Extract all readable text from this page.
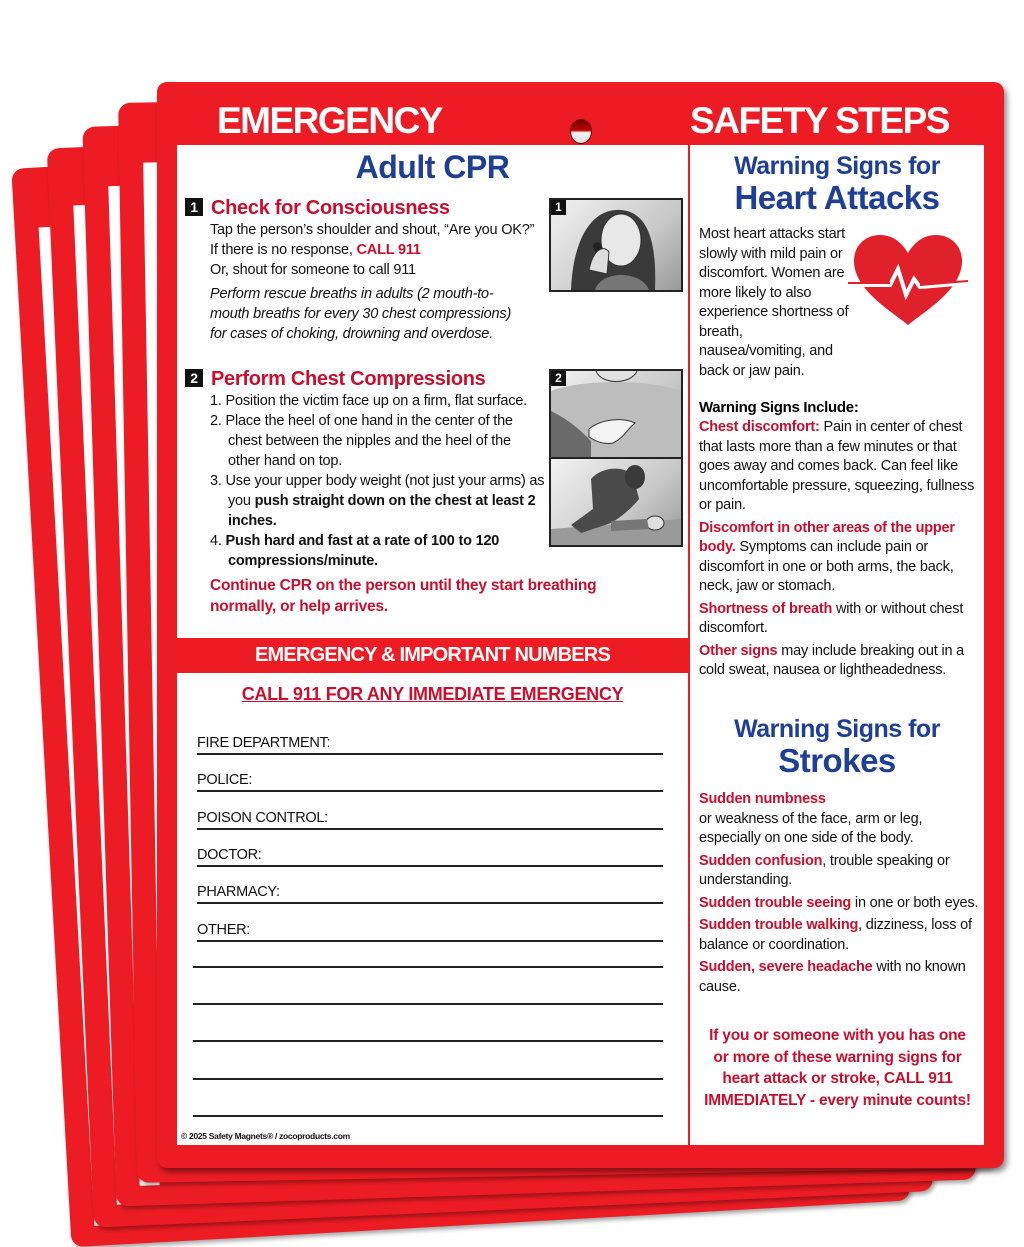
EMERGENCY	SAFETY STEPS
Adult CPR
1 Check for Consciousness
Tap the person’s shoulder and shout, “Are you OK?”
If there is no response, CALL 911
Or, shout for someone to call 911
Perform rescue breaths in adults (2 mouth-to-mouth breaths for every 30 chest compressions) for cases of choking, drowning and overdose.
1
2 Perform Chest Compressions
1. Position the victim face up on a firm, flat surface.
2. Place the heel of one hand in the center of the chest between the nipples and the heel of the other hand on top.
3. Use your upper body weight (not just your arms) as you push straight down on the chest at least 2 inches.
4. Push hard and fast at a rate of 100 to 120 compressions/minute.
2
Continue CPR on the person until they start breathing normally, or help arrives.
EMERGENCY & IMPORTANT NUMBERS
CALL 911 FOR ANY IMMEDIATE EMERGENCY
FIRE DEPARTMENT:
POLICE:
POISON CONTROL:
DOCTOR:
PHARMACY:
OTHER:
© 2025 Safety Magnets® / zocoproducts.com
Warning Signs for
Heart Attacks
Most heart attacks start slowly with mild pain or discomfort. Women are more likely to also experience shortness of breath, nausea/vomiting, and back or jaw pain.
Warning Signs Include:
Chest discomfort: Pain in center of chest that lasts more than a few minutes or that goes away and comes back. Can feel like uncomfortable pressure, squeezing, fullness or pain.
Discomfort in other areas of the upper body. Symptoms can include pain or discomfort in one or both arms, the back, neck, jaw or stomach.
Shortness of breath with or without chest discomfort.
Other signs may include breaking out in a cold sweat, nausea or lightheadedness.
Warning Signs for
Strokes
Sudden numbness
or weakness of the face, arm or leg, especially on one side of the body.
Sudden confusion, trouble speaking or understanding.
Sudden trouble seeing in one or both eyes.
Sudden trouble walking, dizziness, loss of balance or coordination.
Sudden, severe headache with no known cause.
If you or someone with you has one or more of these warning signs for heart attack or stroke, CALL 911 IMMEDIATELY - every minute counts!
